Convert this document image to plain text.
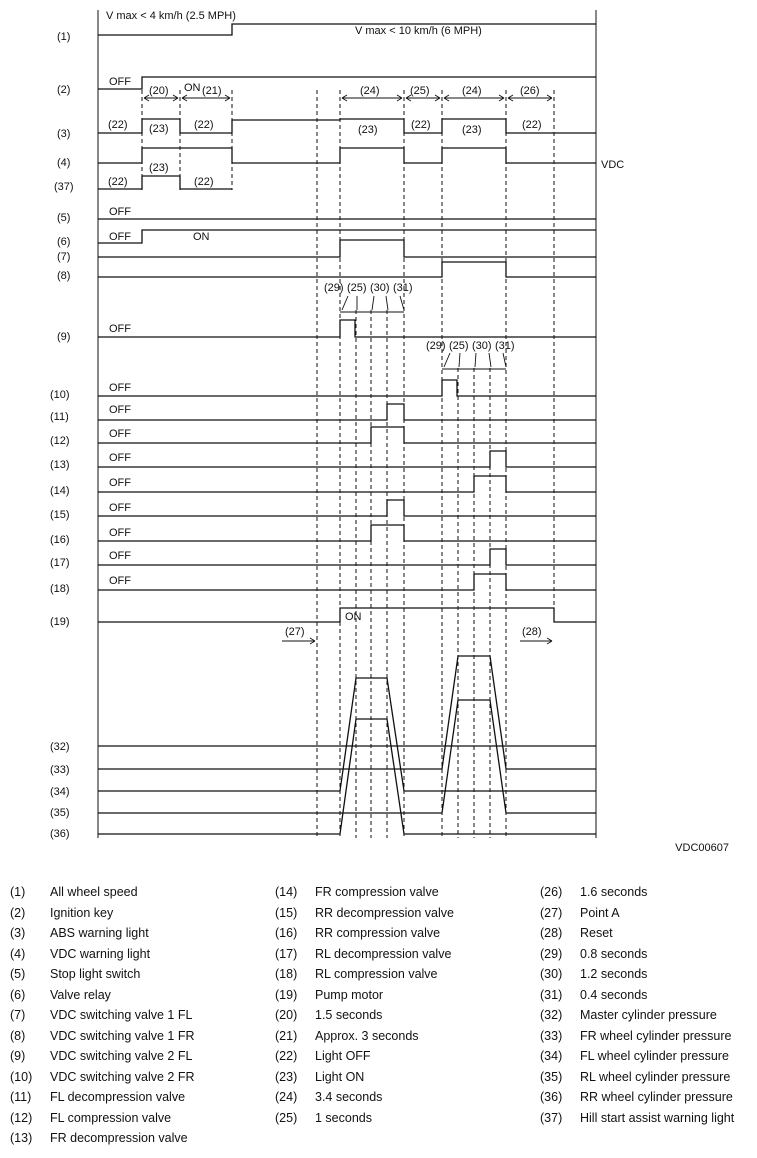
V max < 4 km/h (2.5 MPH)
V max < 10 km/h (6 MPH)
(1)
(2)
(3)
(4)
(37)
(5)
(6)
(7)
(8)
(9)
(10)
(11)
(12)
(13)
(14)
(15)
(16)
(17)
(18)
(19)
(32)
(33)
(34)
(35)
(36)
OFF	ON
OFF
OFF	ON
OFF
OFF
OFF
OFF
OFF
OFF
OFF
OFF
OFF
OFF
ON
VDC
(20)	(21)	(24)	(25)	(24)	(26)
(22) (23) (22)	(23)	(22)	(23)	(22)
(23)
(22)	(22)
(29) (25) (30) (31)
(29) (25) (30) (31)
(27)	(28)
VDC00607
(1) All wheel speed
(2) Ignition key
(3) ABS warning light
(4) VDC warning light
(5) Stop light switch
(6) Valve relay
(7) VDC switching valve 1 FL
(8) VDC switching valve 1 FR
(9) VDC switching valve 2 FL
(10) VDC switching valve 2 FR
(11) FL decompression valve
(12) FL compression valve
(13) FR decompression valve
(14) FR compression valve
(15) RR decompression valve
(16) RR compression valve
(17) RL decompression valve
(18) RL compression valve
(19) Pump motor
(20) 1.5 seconds
(21) Approx. 3 seconds
(22) Light OFF
(23) Light ON
(24) 3.4 seconds
(25) 1 seconds
(26) 1.6 seconds
(27) Point A
(28) Reset
(29) 0.8 seconds
(30) 1.2 seconds
(31) 0.4 seconds
(32) Master cylinder pressure
(33) FR wheel cylinder pressure
(34) FL wheel cylinder pressure
(35) RL wheel cylinder pressure
(36) RR wheel cylinder pressure
(37) Hill start assist warning light
